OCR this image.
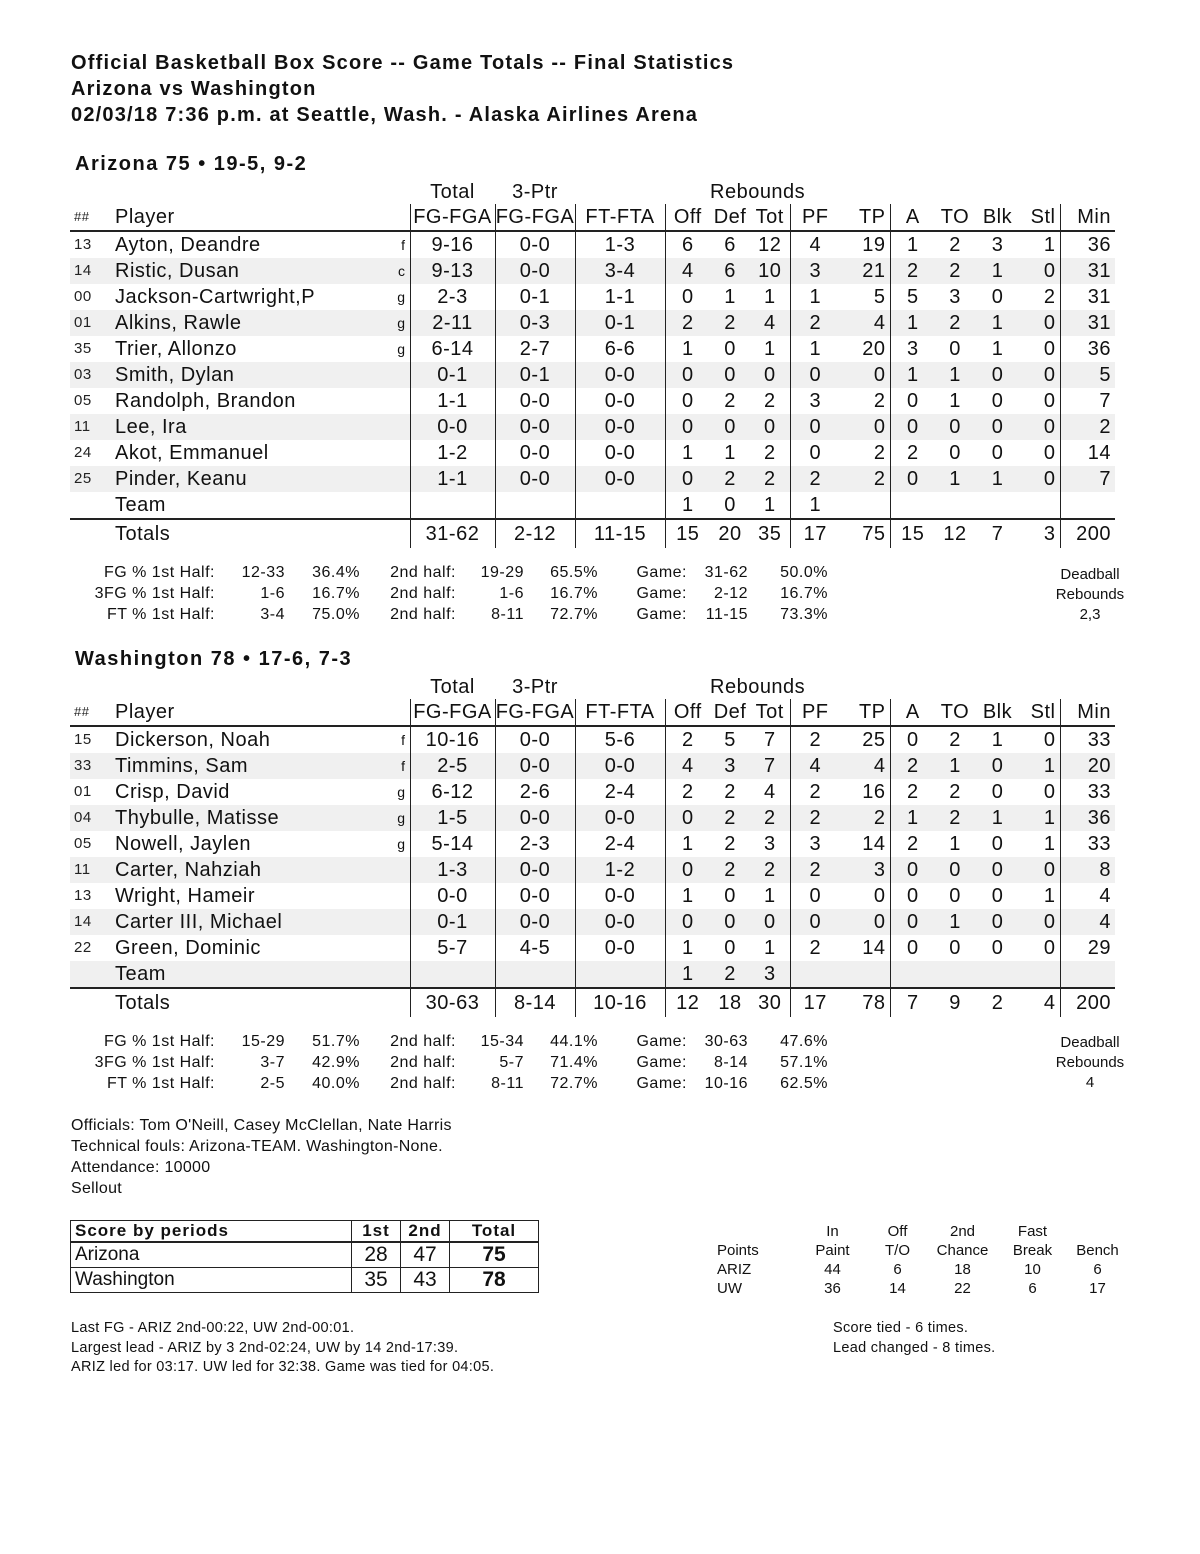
Official Basketball Box Score -- Game Totals -- Final Statistics
Arizona vs Washington
02/03/18 7:36 p.m. at Seattle, Wash. - Alaska Airlines Arena
Arizona 75 • 19-5, 9-2
			Total	3-Ptr			Rebounds								
##	Player		FG-FGA	FG-FGA	FT-FTA	Off	Def	Tot	PF	TP	A	TO	Blk	Stl	Min
13	Ayton, Deandre	f	9-16	0-0	1-3	6	6	12	4	19	1	2	3	1	36
14	Ristic, Dusan	c	9-13	0-0	3-4	4	6	10	3	21	2	2	1	0	31
00	Jackson-Cartwright,P	g	2-3	0-1	1-1	0	1	1	1	5	5	3	0	2	31
01	Alkins, Rawle	g	2-11	0-3	0-1	2	2	4	2	4	1	2	1	0	31
35	Trier, Allonzo	g	6-14	2-7	6-6	1	0	1	1	20	3	0	1	0	36
03	Smith, Dylan		0-1	0-1	0-0	0	0	0	0	0	1	1	0	0	5
05	Randolph, Brandon		1-1	0-0	0-0	0	2	2	3	2	0	1	0	0	7
11	Lee, Ira		0-0	0-0	0-0	0	0	0	0	0	0	0	0	0	2
24	Akot, Emmanuel		1-2	0-0	0-0	1	1	2	0	2	2	0	0	0	14
25	Pinder, Keanu		1-1	0-0	0-0	0	2	2	2	2	0	1	1	0	7
	Team					1	0	1	1						
	Totals		31-62	2-12	11-15	15	20	35	17	75	15	12	7	3	200
FG % 1st Half:	12-33	36.4%	2nd half:	19-29	65.5%	Game:	31-62	50.0%
3FG % 1st Half:	1-6	16.7%	2nd half:	1-6	16.7%	Game:	2-12	16.7%
FT % 1st Half:	3-4	75.0%	2nd half:	8-11	72.7%	Game:	11-15	73.3%
Deadball
Rebounds
2,3
Washington 78 • 17-6, 7-3
			Total	3-Ptr			Rebounds								
##	Player		FG-FGA	FG-FGA	FT-FTA	Off	Def	Tot	PF	TP	A	TO	Blk	Stl	Min
15	Dickerson, Noah	f	10-16	0-0	5-6	2	5	7	2	25	0	2	1	0	33
33	Timmins, Sam	f	2-5	0-0	0-0	4	3	7	4	4	2	1	0	1	20
01	Crisp, David	g	6-12	2-6	2-4	2	2	4	2	16	2	2	0	0	33
04	Thybulle, Matisse	g	1-5	0-0	0-0	0	2	2	2	2	1	2	1	1	36
05	Nowell, Jaylen	g	5-14	2-3	2-4	1	2	3	3	14	2	1	0	1	33
11	Carter, Nahziah		1-3	0-0	1-2	0	2	2	2	3	0	0	0	0	8
13	Wright, Hameir		0-0	0-0	0-0	1	0	1	0	0	0	0	0	1	4
14	Carter III, Michael		0-1	0-0	0-0	0	0	0	0	0	0	1	0	0	4
22	Green, Dominic		5-7	4-5	0-0	1	0	1	2	14	0	0	0	0	29
	Team					1	2	3							
	Totals		30-63	8-14	10-16	12	18	30	17	78	7	9	2	4	200
FG % 1st Half:	15-29	51.7%	2nd half:	15-34	44.1%	Game:	30-63	47.6%
3FG % 1st Half:	3-7	42.9%	2nd half:	5-7	71.4%	Game:	8-14	57.1%
FT % 1st Half:	2-5	40.0%	2nd half:	8-11	72.7%	Game:	10-16	62.5%
Deadball
Rebounds
4
Officials: Tom O'Neill, Casey McClellan, Nate Harris
Technical fouls: Arizona-TEAM. Washington-None.
Attendance: 10000
Sellout
Score by periods	1st	2nd	Total
Arizona	28	47	75
Washington	35	43	78
In	Off	2nd	Fast
Points	Paint	T/O	Chance	Break	Bench
ARIZ	44	6	18	10	6
UW	36	14	22	6	17
Last FG - ARIZ 2nd-00:22, UW 2nd-00:01.
Largest lead - ARIZ by 3 2nd-02:24, UW by 14 2nd-17:39.
ARIZ led for 03:17. UW led for 32:38. Game was tied for 04:05.
Score tied - 6 times.
Lead changed - 8 times.
